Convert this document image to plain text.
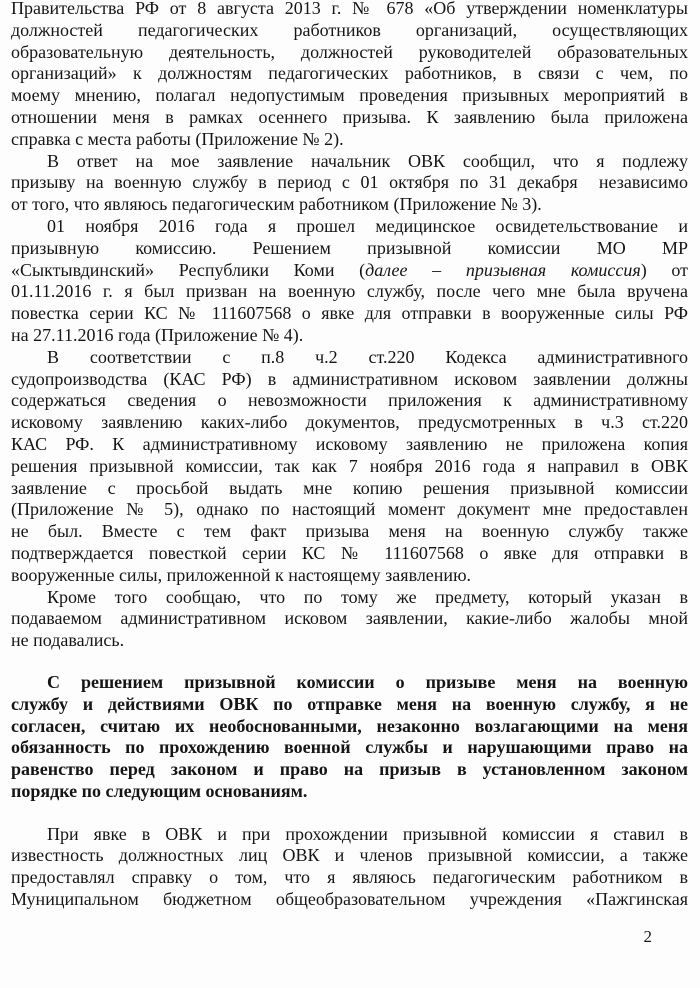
Правительства РФ от 8 августа 2013 г. № 678 «Об утверждении номенклатуры
должностей педагогических работников организаций, осуществляющих
образовательную деятельность, должностей руководителей образовательных
организаций» к должностям педагогических работников, в связи с чем, по
моему мнению, полагал недопустимым проведения призывных мероприятий в
отношении меня в рамках осеннего призыва. К заявлению была приложена
справка с места работы (Приложение № 2).
В ответ на мое заявление начальник ОВК сообщил, что я подлежу
призыву на военную службу в период с 01 октября по 31 декабря  независимо
от того, что являюсь педагогическим работником (Приложение № 3).
01 ноября 2016 года я прошел медицинское освидетельствование и
призывную комиссию. Решением призывной комиссии МО МР
«Сыктывдинский» Республики Коми (далее – призывная комиссия) от
01.11.2016 г. я был призван на военную службу, после чего мне была вручена
повестка серии КС № 111607568 о явке для отправки в вооруженные силы РФ
на 27.11.2016 года (Приложение № 4).
В соответствии с п.8 ч.2 ст.220 Кодекса административного
судопроизводства (КАС РФ) в административном исковом заявлении должны
содержаться сведения о невозможности приложения к административному
исковому заявлению каких-либо документов, предусмотренных в ч.3 ст.220
КАС РФ. К административному исковому заявлению не приложена копия
решения призывной комиссии, так как 7 ноября 2016 года я направил в ОВК
заявление с просьбой выдать мне копию решения призывной комиссии
(Приложение № 5), однако по настоящий момент документ мне предоставлен
не был. Вместе с тем факт призыва меня на военную службу также
подтверждается повесткой серии КС № 111607568 о явке для отправки в
вооруженные силы, приложенной к настоящему заявлению.
Кроме того сообщаю, что по тому же предмету, который указан в
подаваемом административном исковом заявлении, какие-либо жалобы мной
не подавались.
С решением призывной комиссии о призыве меня на военную
службу и действиями ОВК по отправке меня на военную службу, я не
согласен, считаю их необоснованными, незаконно возлагающими на меня
обязанность по прохождению военной службы и нарушающими право на
равенство перед законом и право на призыв в установленном законом
порядке по следующим основаниям.
При явке в ОВК и при прохождении призывной комиссии я ставил в
известность должностных лиц ОВК и членов призывной комиссии, а также
предоставлял справку о том, что я являюсь педагогическим работником в
Муниципальном бюджетном общеобразовательном учреждения «Пажгинская
2
